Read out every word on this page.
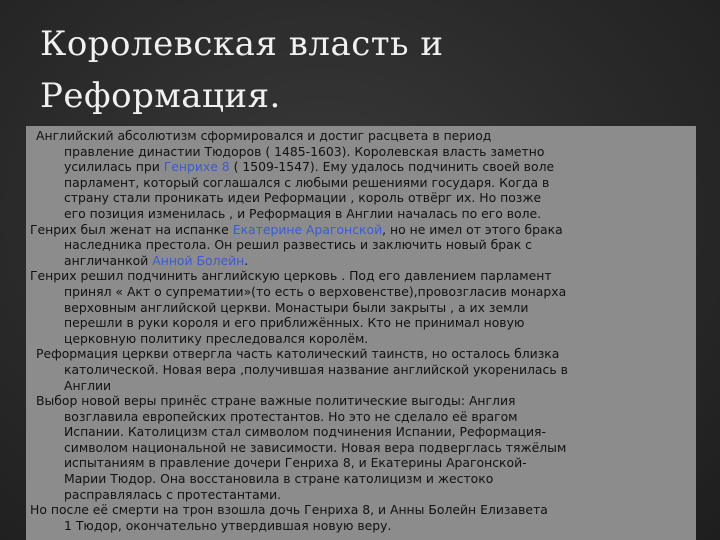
Королевская власть и
Реформация.
Английский абсолютизм сформировался и достиг расцвета в период
правление династии Тюдоров ( 1485-1603). Королевская власть заметно
усилилась при Генрихе 8 ( 1509-1547). Ему удалось подчинить своей воле
парламент, который соглашался с любыми решениями государя. Когда в
страну стали проникать идеи Реформации , король отвёрг их. Но позже
его позиция изменилась , и Реформация в Англии началась по его воле.
Генрих был женат на испанке Екатерине Арагонской, но не имел от этого брака
наследника престола. Он решил развестись и заключить новый брак с
англичанкой Анной Болейн.
Генрих решил подчинить английскую церковь . Под его давлением парламент
принял « Акт о супрематии»(то есть о верховенстве),провозгласив монарха
верховным английской церкви. Монастыри были закрыты , а их земли
перешли в руки короля и его приближённых. Кто не принимал новую
церковную политику преследовался королём.
Реформация церкви отвергла часть католический таинств, но осталось близка
католической. Новая вера ,получившая название английской укоренилась в
Англии
Выбор новой веры принёс стране важные политические выгоды: Англия
возглавила европейских протестантов. Но это не сделало её врагом
Испании. Католицизм стал символом подчинения Испании, Реформация-
символом национальной не зависимости. Новая вера подверглась тяжёлым
испытаниям в правление дочери Генриха 8, и Екатерины Арагонской-
Марии Тюдор. Она восстановила в стране католицизм и жестоко
расправлялась с протестантами.
Но после её смерти на трон взошла дочь Генриха 8, и Анны Болейн Елизавета
1 Тюдор, окончательно утвердившая новую веру.
